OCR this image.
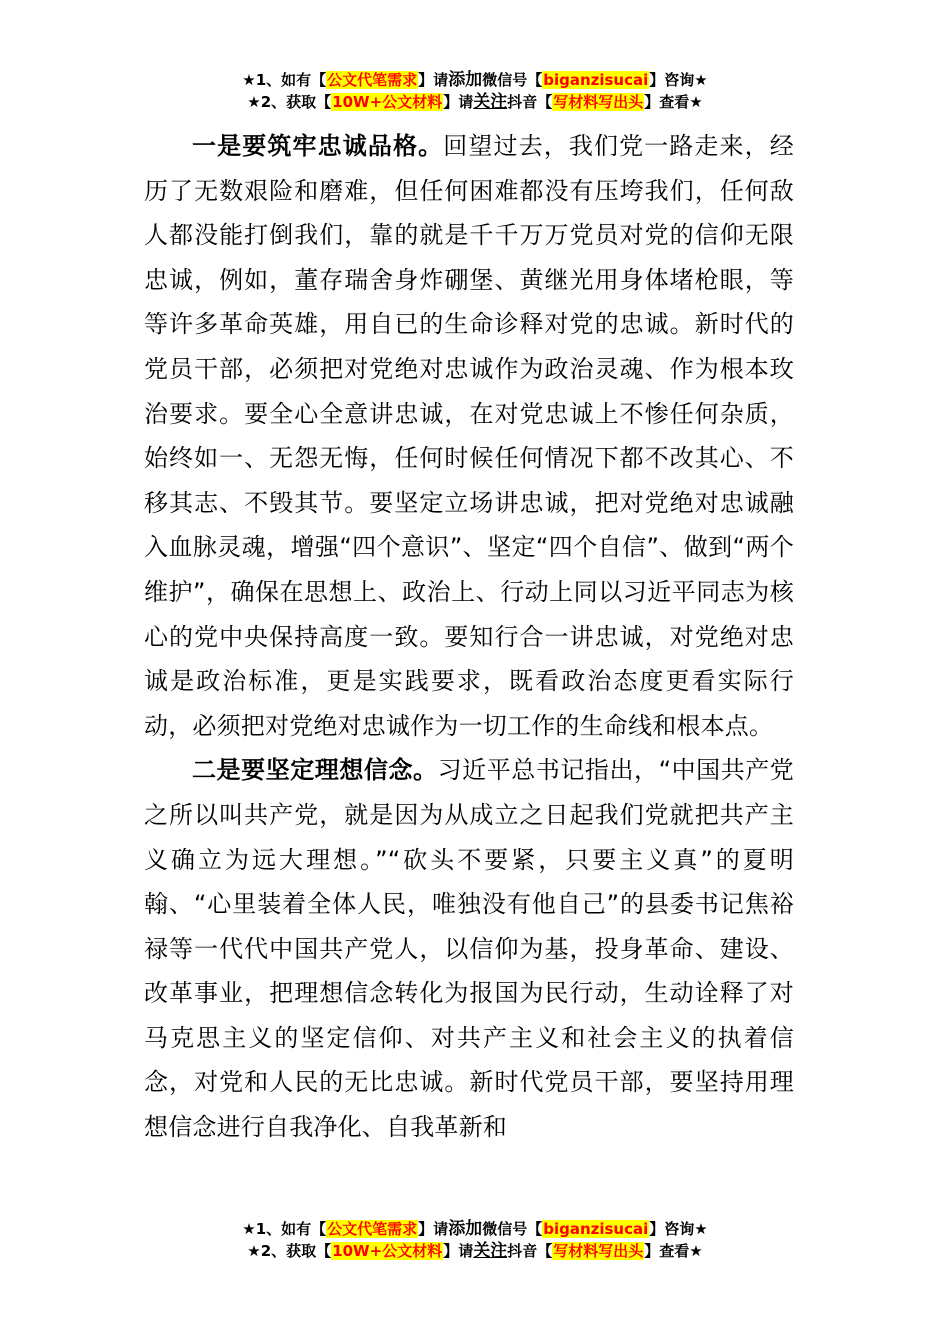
★1、如有【公文代笔需求】请添加微信号【biganzisucai】咨询★
★2、获取【10W+公文材料】请关注抖音【写材料写出头】查看★

一是要筑牢忠诚品格。回望过去，我们党一路走来，经历了无数艰险和磨难，但任何困难都没有压垮我们，任何敌人都没能打倒我们，靠的就是千千万万党员对党的信仰无限忠诚，例如，董存瑞舍身炸硼堡、黄继光用身体堵枪眼，等等许多革命英雄，用自已的生命诊释对党的忠诚。新时代的党员干部，必须把对党绝对忠诚作为政治灵魂、作为根本玫治要求。要全心全意讲忠诚，在对党忠诚上不惨任何杂质，始终如一、无怨无悔，任何时候任何情况下都不改其心、不移其志、不毁其节。要坚定立场讲忠诚，把对党绝对忠诚融入血脉灵魂，增强“四个意识”、坚定“四个自信”、做到“两个维护”，确保在思想上、政治上、行动上同以习近平同志为核心的党中央保持高度一致。要知行合一讲忠诚，对党绝对忠诚是政治标准，更是实践要求，既看政治态度更看实际行动，必须把对党绝对忠诚作为一切工作的生命线和根本点。

二是要坚定理想信念。习近平总书记指出，“中国共产党之所以叫共产党，就是因为从成立之日起我们党就把共产主义确立为远大理想。”“砍头不要紧，只要主义真”的夏明翰、“心里装着全体人民，唯独没有他自己”的县委书记焦裕禄等一代代中国共产党人，以信仰为基，投身革命、建设、改革事业，把理想信念转化为报国为民行动，生动诠释了对马克思主义的坚定信仰、对共产主义和社会主义的执着信念，对党和人民的无比忠诚。新时代党员干部，要坚持用理想信念进行自我净化、自我革新和

★1、如有【公文代笔需求】请添加微信号【biganzisucai】咨询★
★2、获取【10W+公文材料】请关注抖音【写材料写出头】查看★
